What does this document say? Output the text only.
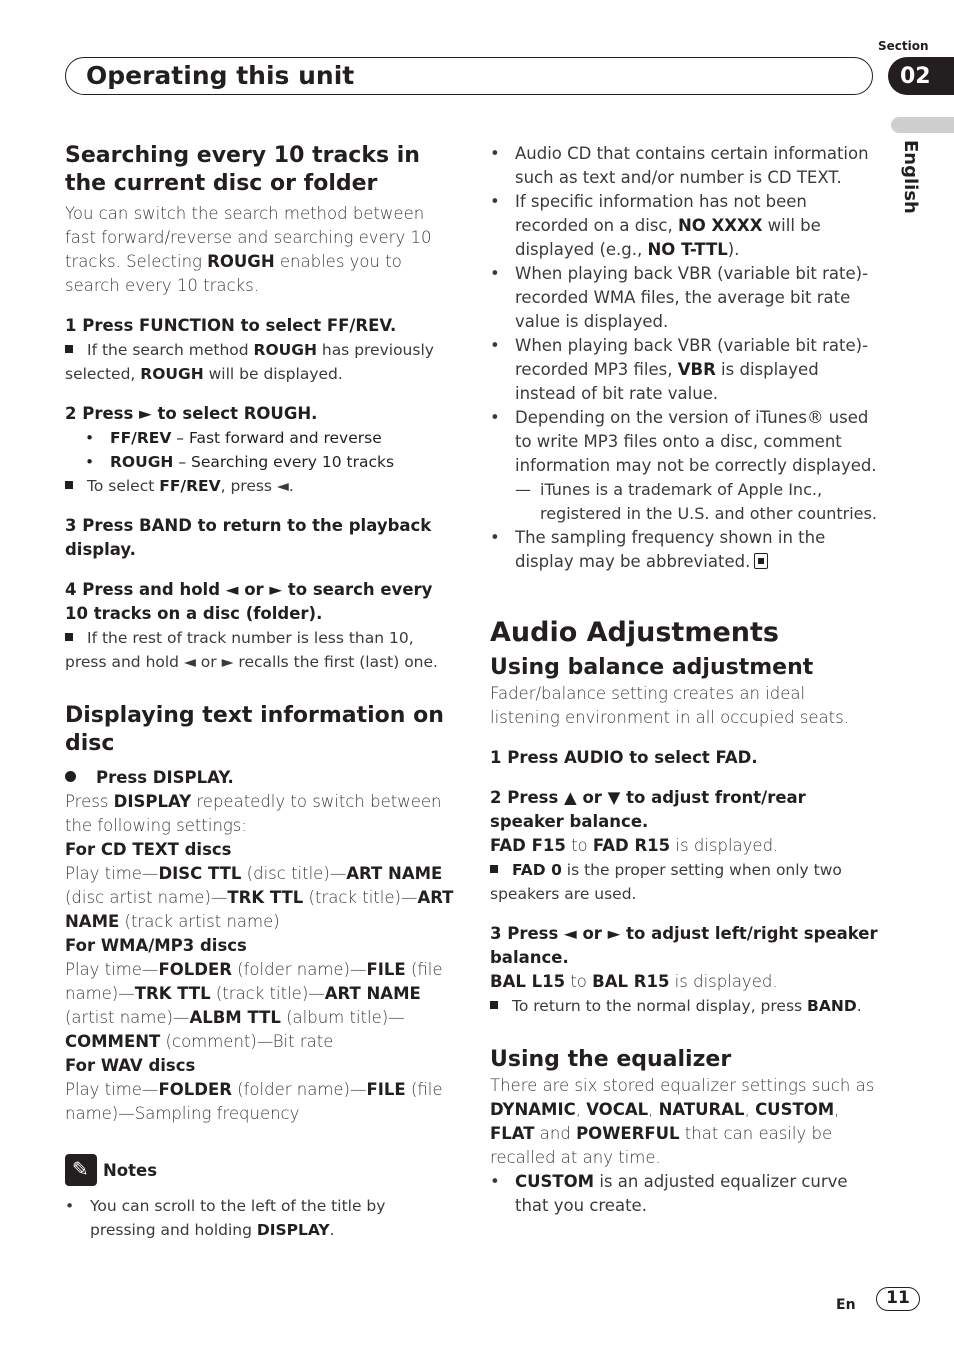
Section
Operating this unit	02
English
Searching every 10 tracks in the current disc or folder

You can switch the search method between fast forward/reverse and searching every 10 tracks. Selecting ROUGH enables you to search every 10 tracks.

1 Press FUNCTION to select FF/REV.

If the search method ROUGH has previously selected, ROUGH will be displayed.

2 Press ► to select ROUGH.

• FF/REV – Fast forward and reverse
• ROUGH – Searching every 10 tracks

To select FF/REV, press ◄.

3 Press BAND to return to the playback display.

4 Press and hold ◄ or ► to search every 10 tracks on a disc (folder).

If the rest of track number is less than 10, press and hold ◄ or ► recalls the first (last) one.

Displaying text information on disc

Press DISPLAY.

Press DISPLAY repeatedly to switch between the following settings:

For CD TEXT discs

Play time—DISC TTL (disc title)—ART NAME (disc artist name)—TRK TTL (track title)—ART NAME (track artist name)

For WMA/MP3 discs

Play time—FOLDER (folder name)—FILE (file name)—TRK TTL (track title)—ART NAME (artist name)—ALBM TTL (album title)—COMMENT (comment)—Bit rate

For WAV discs

Play time—FOLDER (folder name)—FILE (file name)—Sampling frequency

✎Notes
• You can scroll to the left of the title by pressing and holding DISPLAY.
• Audio CD that contains certain information such as text and/or number is CD TEXT.
• If specific information has not been recorded on a disc, NO XXXX will be displayed (e.g., NO T-TTL).
• When playing back VBR (variable bit rate)-recorded WMA files, the average bit rate value is displayed.
• When playing back VBR (variable bit rate)-recorded MP3 files, VBR is displayed instead of bit rate value.
• Depending on the version of iTunes® used to write MP3 files onto a disc, comment information may not be correctly displayed.
— iTunes is a trademark of Apple Inc., registered in the U.S. and other countries.
• The sampling frequency shown in the display may be abbreviated.
Audio Adjustments
Using balance adjustment

Fader/balance setting creates an ideal listening environment in all occupied seats.

1 Press AUDIO to select FAD.

2 Press ▲ or ▼ to adjust front/rear speaker balance.

FAD F15 to FAD R15 is displayed.

FAD 0 is the proper setting when only two speakers are used.

3 Press ◄ or ► to adjust left/right speaker balance.

BAL L15 to BAL R15 is displayed.

To return to the normal display, press BAND.

Using the equalizer

There are six stored equalizer settings such as DYNAMIC, VOCAL, NATURAL, CUSTOM, FLAT and POWERFUL that can easily be recalled at any time.

• CUSTOM is an adjusted equalizer curve that you create.
En	11
